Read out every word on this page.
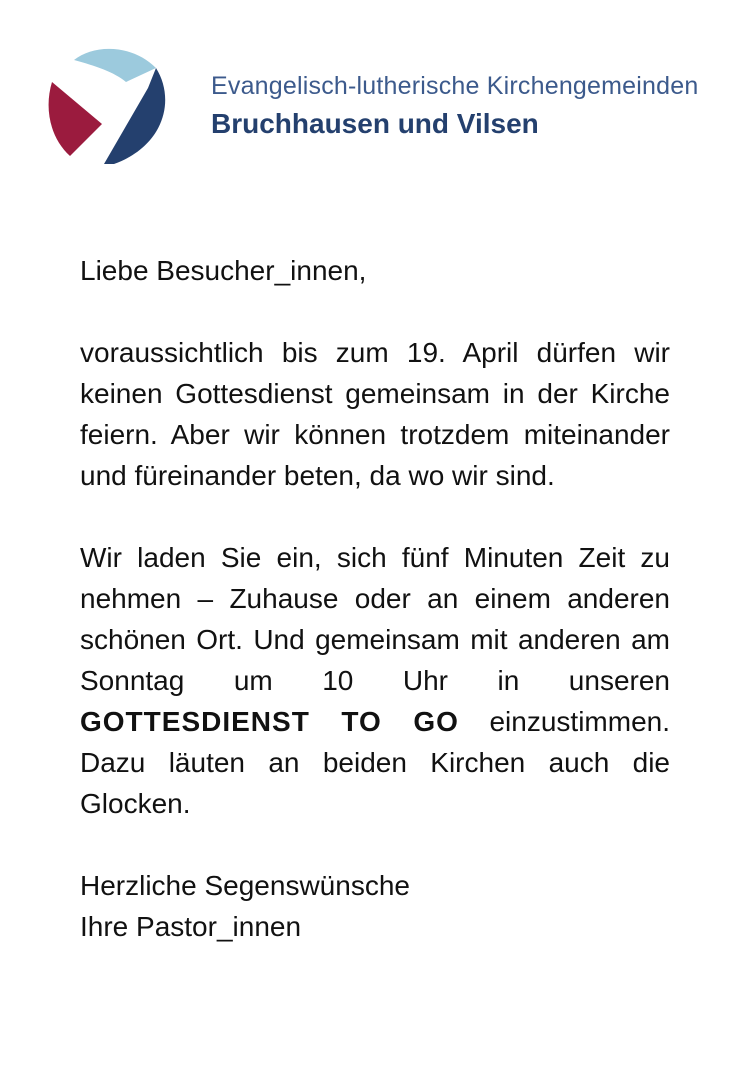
Evangelisch-lutherische Kirchengemeinden
Bruchhausen und Vilsen

Liebe Besucher_innen,

voraussichtlich bis zum 19. April dürfen wir keinen Gottesdienst gemeinsam in der Kirche feiern. Aber wir können trotzdem miteinander und füreinander beten, da wo wir sind.

Wir laden Sie ein, sich fünf Minuten Zeit zu nehmen – Zuhause oder an einem anderen schönen Ort. Und gemeinsam mit anderen am Sonntag um 10 Uhr in unseren GOTTESDIENST TO GO einzustimmen. Dazu läuten an beiden Kirchen auch die Glocken.

Herzliche Segenswünsche

Ihre Pastor_innen
